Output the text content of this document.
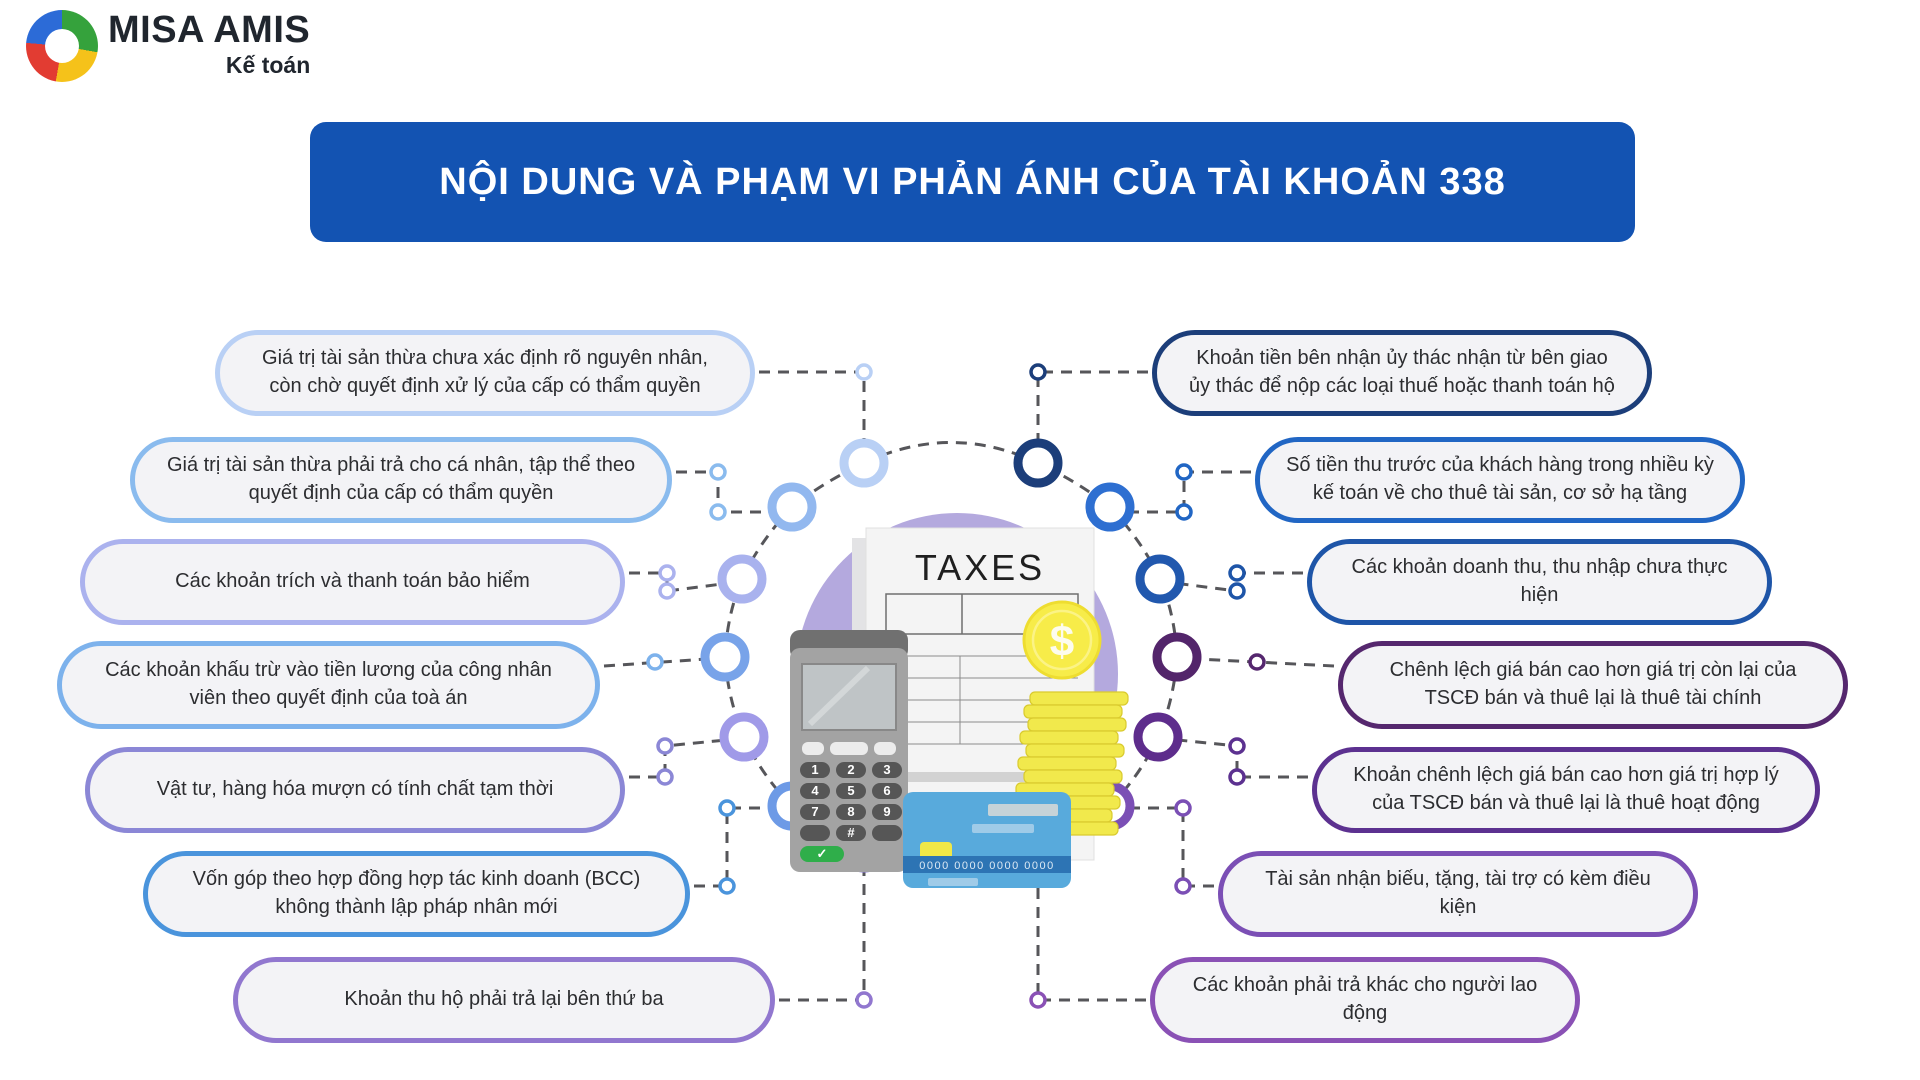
MISA AMIS
Kế toán
NỘI DUNG VÀ PHẠM VI PHẢN ÁNH CỦA TÀI KHOẢN 338
TAXES
$
1 2 3
4 5 6
7 8 9
#
✓
0000 0000 0000 0000
Giá trị tài sản thừa chưa xác định rõ nguyên nhân, còn chờ quyết định xử lý của cấp có thẩm quyền
Giá trị tài sản thừa phải trả cho cá nhân, tập thể theo quyết định của cấp có thẩm quyền
Các khoản trích và thanh toán bảo hiểm
Các khoản khấu trừ vào tiền lương của công nhân viên theo quyết định của toà án
Vật tư, hàng hóa mượn có tính chất tạm thời
Vốn góp theo hợp đồng hợp tác kinh doanh (BCC) không thành lập pháp nhân mới
Khoản thu hộ phải trả lại bên thứ ba
Khoản tiền bên nhận ủy thác nhận từ bên giao ủy thác để nộp các loại thuế hoặc thanh toán hộ
Số tiền thu trước của khách hàng trong nhiều kỳ kế toán về cho thuê tài sản, cơ sở hạ tầng
Các khoản doanh thu, thu nhập chưa thực hiện
Chênh lệch giá bán cao hơn giá trị còn lại của TSCĐ bán và thuê lại là thuê tài chính
Khoản chênh lệch giá bán cao hơn giá trị hợp lý của TSCĐ bán và thuê lại là thuê hoạt động
Tài sản nhận biếu, tặng, tài trợ có kèm điều kiện
Các khoản phải trả khác cho người lao động
